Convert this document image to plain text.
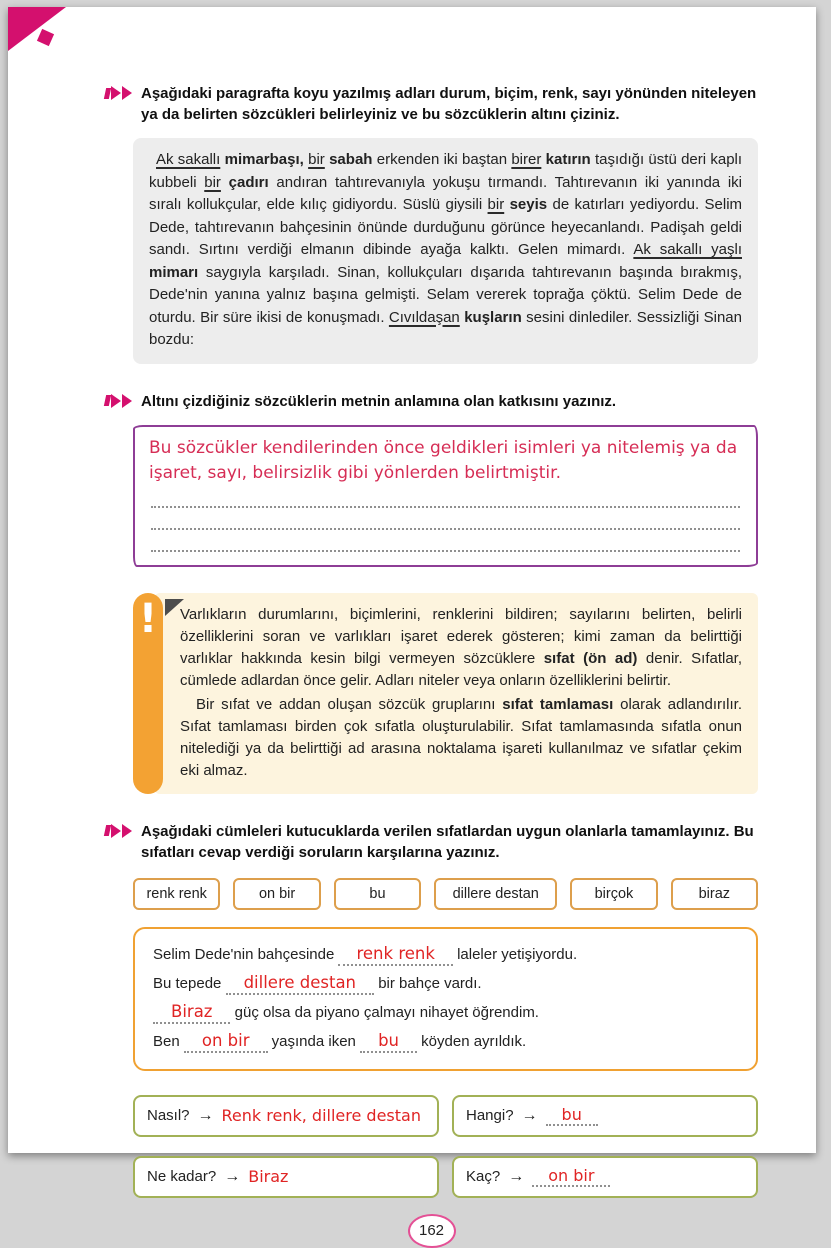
Aşağıdaki paragrafta koyu yazılmış adları durum, biçim, renk, sayı yönünden niteleyen ya da belirten sözcükleri belirleyiniz ve bu sözcüklerin altını çiziniz.

Ak sakallı mimarbaşı, bir sabah erkenden iki baştan birer katırın taşıdığı üstü deri kaplı kubbeli bir çadırı andıran tahtırevanıyla yokuşu tırmandı. Tahtırevanın iki yanında iki sıralı kollukçular, elde kılıç gidiyordu. Süslü giysili bir seyis de katırları yediyordu. Selim Dede, tahtırevanın bahçesinin önünde durduğunu görünce heyecanlandı. Padişah geldi sandı. Sırtını verdiği elmanın dibinde ayağa kalktı. Gelen mimardı. Ak sakallı yaşlı mimarı saygıyla karşıladı. Sinan, kollukçuları dışarıda tahtırevanın başında bırakmış, Dede'nin yanına yalnız başına gelmişti. Selam vererek toprağa çöktü. Selim Dede de oturdu. Bir süre ikisi de konuşmadı. Cıvıldaşan kuşların sesini dinlediler. Sessizliği Sinan bozdu:

Altını çizdiğiniz sözcüklerin metnin anlamına olan katkısını yazınız.

Bu sözcükler kendilerinden önce geldikleri isimleri ya nitelemiş ya da işaret, sayı, belirsizlik gibi yönlerden belirtmiştir.
!	Varlıkların durumlarını, biçimlerini, renklerini bildiren; sayılarını belirten, belirli özelliklerini soran ve varlıkları işaret ederek gösteren; kimi zaman da belirttiği varlıklar hakkında kesin bilgi vermeyen sözcüklere sıfat (ön ad) denir. Sıfatlar, cümlede adlardan önce gelir. Adları niteler veya onların özelliklerini belirtir.

Bir sıfat ve addan oluşan sözcük gruplarını sıfat tamlaması olarak adlandırılır. Sıfat tamlaması birden çok sıfatla oluşturulabilir. Sıfat tamlamasında sıfatla onun nitelediği ya da belirttiği ad arasına noktalama işareti kullanılmaz ve sıfatlar çekim eki almaz.

Aşağıdaki cümleleri kutucuklarda verilen sıfatlardan uygun olanlarla tamamlayınız. Bu sıfatları cevap verdiği soruların karşılarına yazınız.

renk renk	on bir	bu	dillere destan	birçok	biraz

Selim Dede'nin bahçesinde renk renk laleler yetişiyordu.

Bu tepede dillere destan bir bahçe vardı.

Biraz güç olsa da piyano çalmayı nihayet öğrendim.

Ben on bir yaşında iken bu köyden ayrıldık.

Nasıl? → Renk renk, dillere destan	Hangi? →	bu
Ne kadar? → Biraz	Kaç? →	on bir
162
